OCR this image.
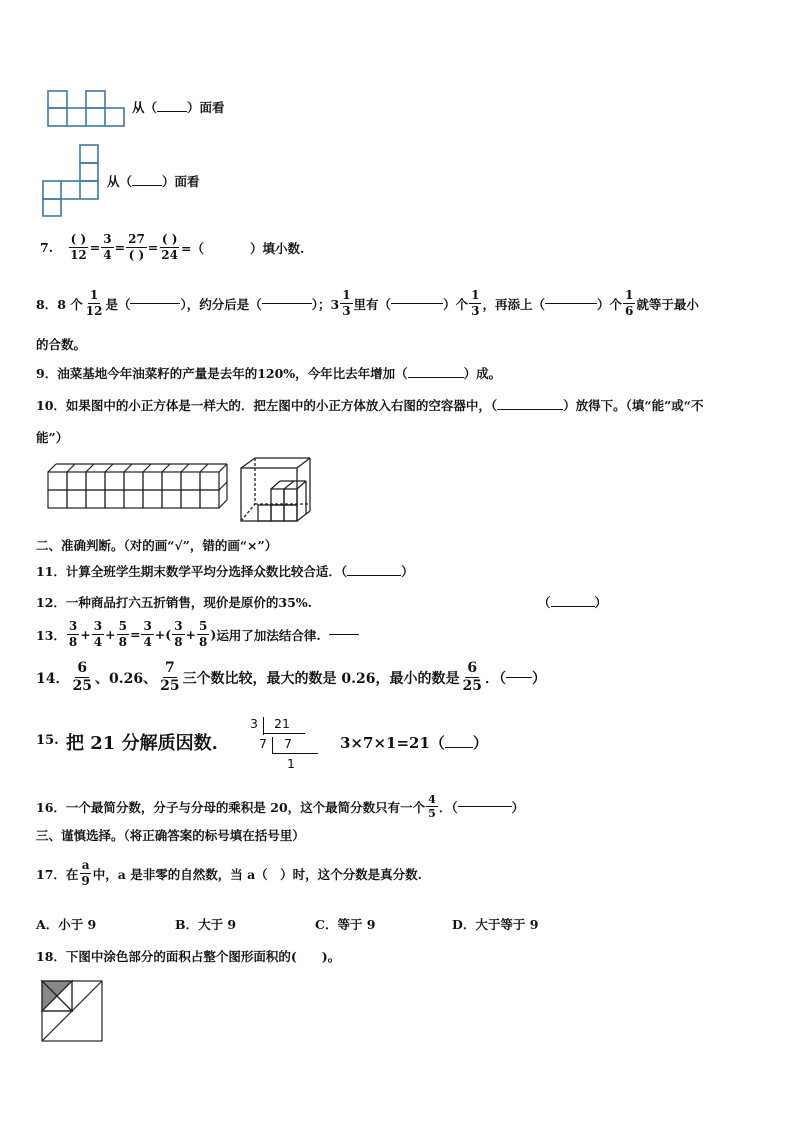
从（ ）面看
从（ ）面看
7. $\frac{( )}{12} = \frac{3}{4} = \frac{27}{( )} = \frac{( )}{24}$ =（	）填小数.
8．8 个 $\frac{1}{12}$ 是（	），约分后是（	）；$3 \frac{1}{3}$ 里有（	）个 $\frac{1}{3}$ ，再添上（	）个 $\frac{1}{6}$ 就等于最小
的合数。
9．油菜基地今年油菜籽的产量是去年的120%，今年比去年增加（	）成。
10．如果图中的小正方体是一样大的．把左图中的小正方体放入右图的空容器中，（	）放得下。（填“能”或“不
能”）
二、准确判断。（对的画“√”，错的画“×”）
11．计算全班学生期末数学平均分选择众数比较合适．（	）
12．一种商品打六五折销售，现价是原价的35%.	（	）
13． $\frac{3}{8} + \frac{3}{4} + \frac{5}{8} = \frac{3}{4}$ +( $\frac{3}{8} + \frac{5}{8}$ ) 运用了加法结合律.
14． $\frac{6}{25}$ 、0.26、 $\frac{7}{25}$ 三个数比较，最大的数是 0.26，最小的数是 $\frac{6}{25}$ ．（ ）
15. 把 21 分解质因数.
3 21
7 7
1
3×7×1=21（ ）
16．一个最简分数，分子与分母的乘积是 20，这个最简分数只有一个 $\frac{4}{5}$ ．（	）
三、谨慎选择。（将正确答案的标号填在括号里）
17．在 $\frac{a}{9}$ 中，a 是非零的自然数，当 a（　）时，这个分数是真分数.
A．小于 9	B．大于 9	C．等于 9	D．大于等于 9
18．下图中涂色部分的面积占整个图形面积的(　　)。
